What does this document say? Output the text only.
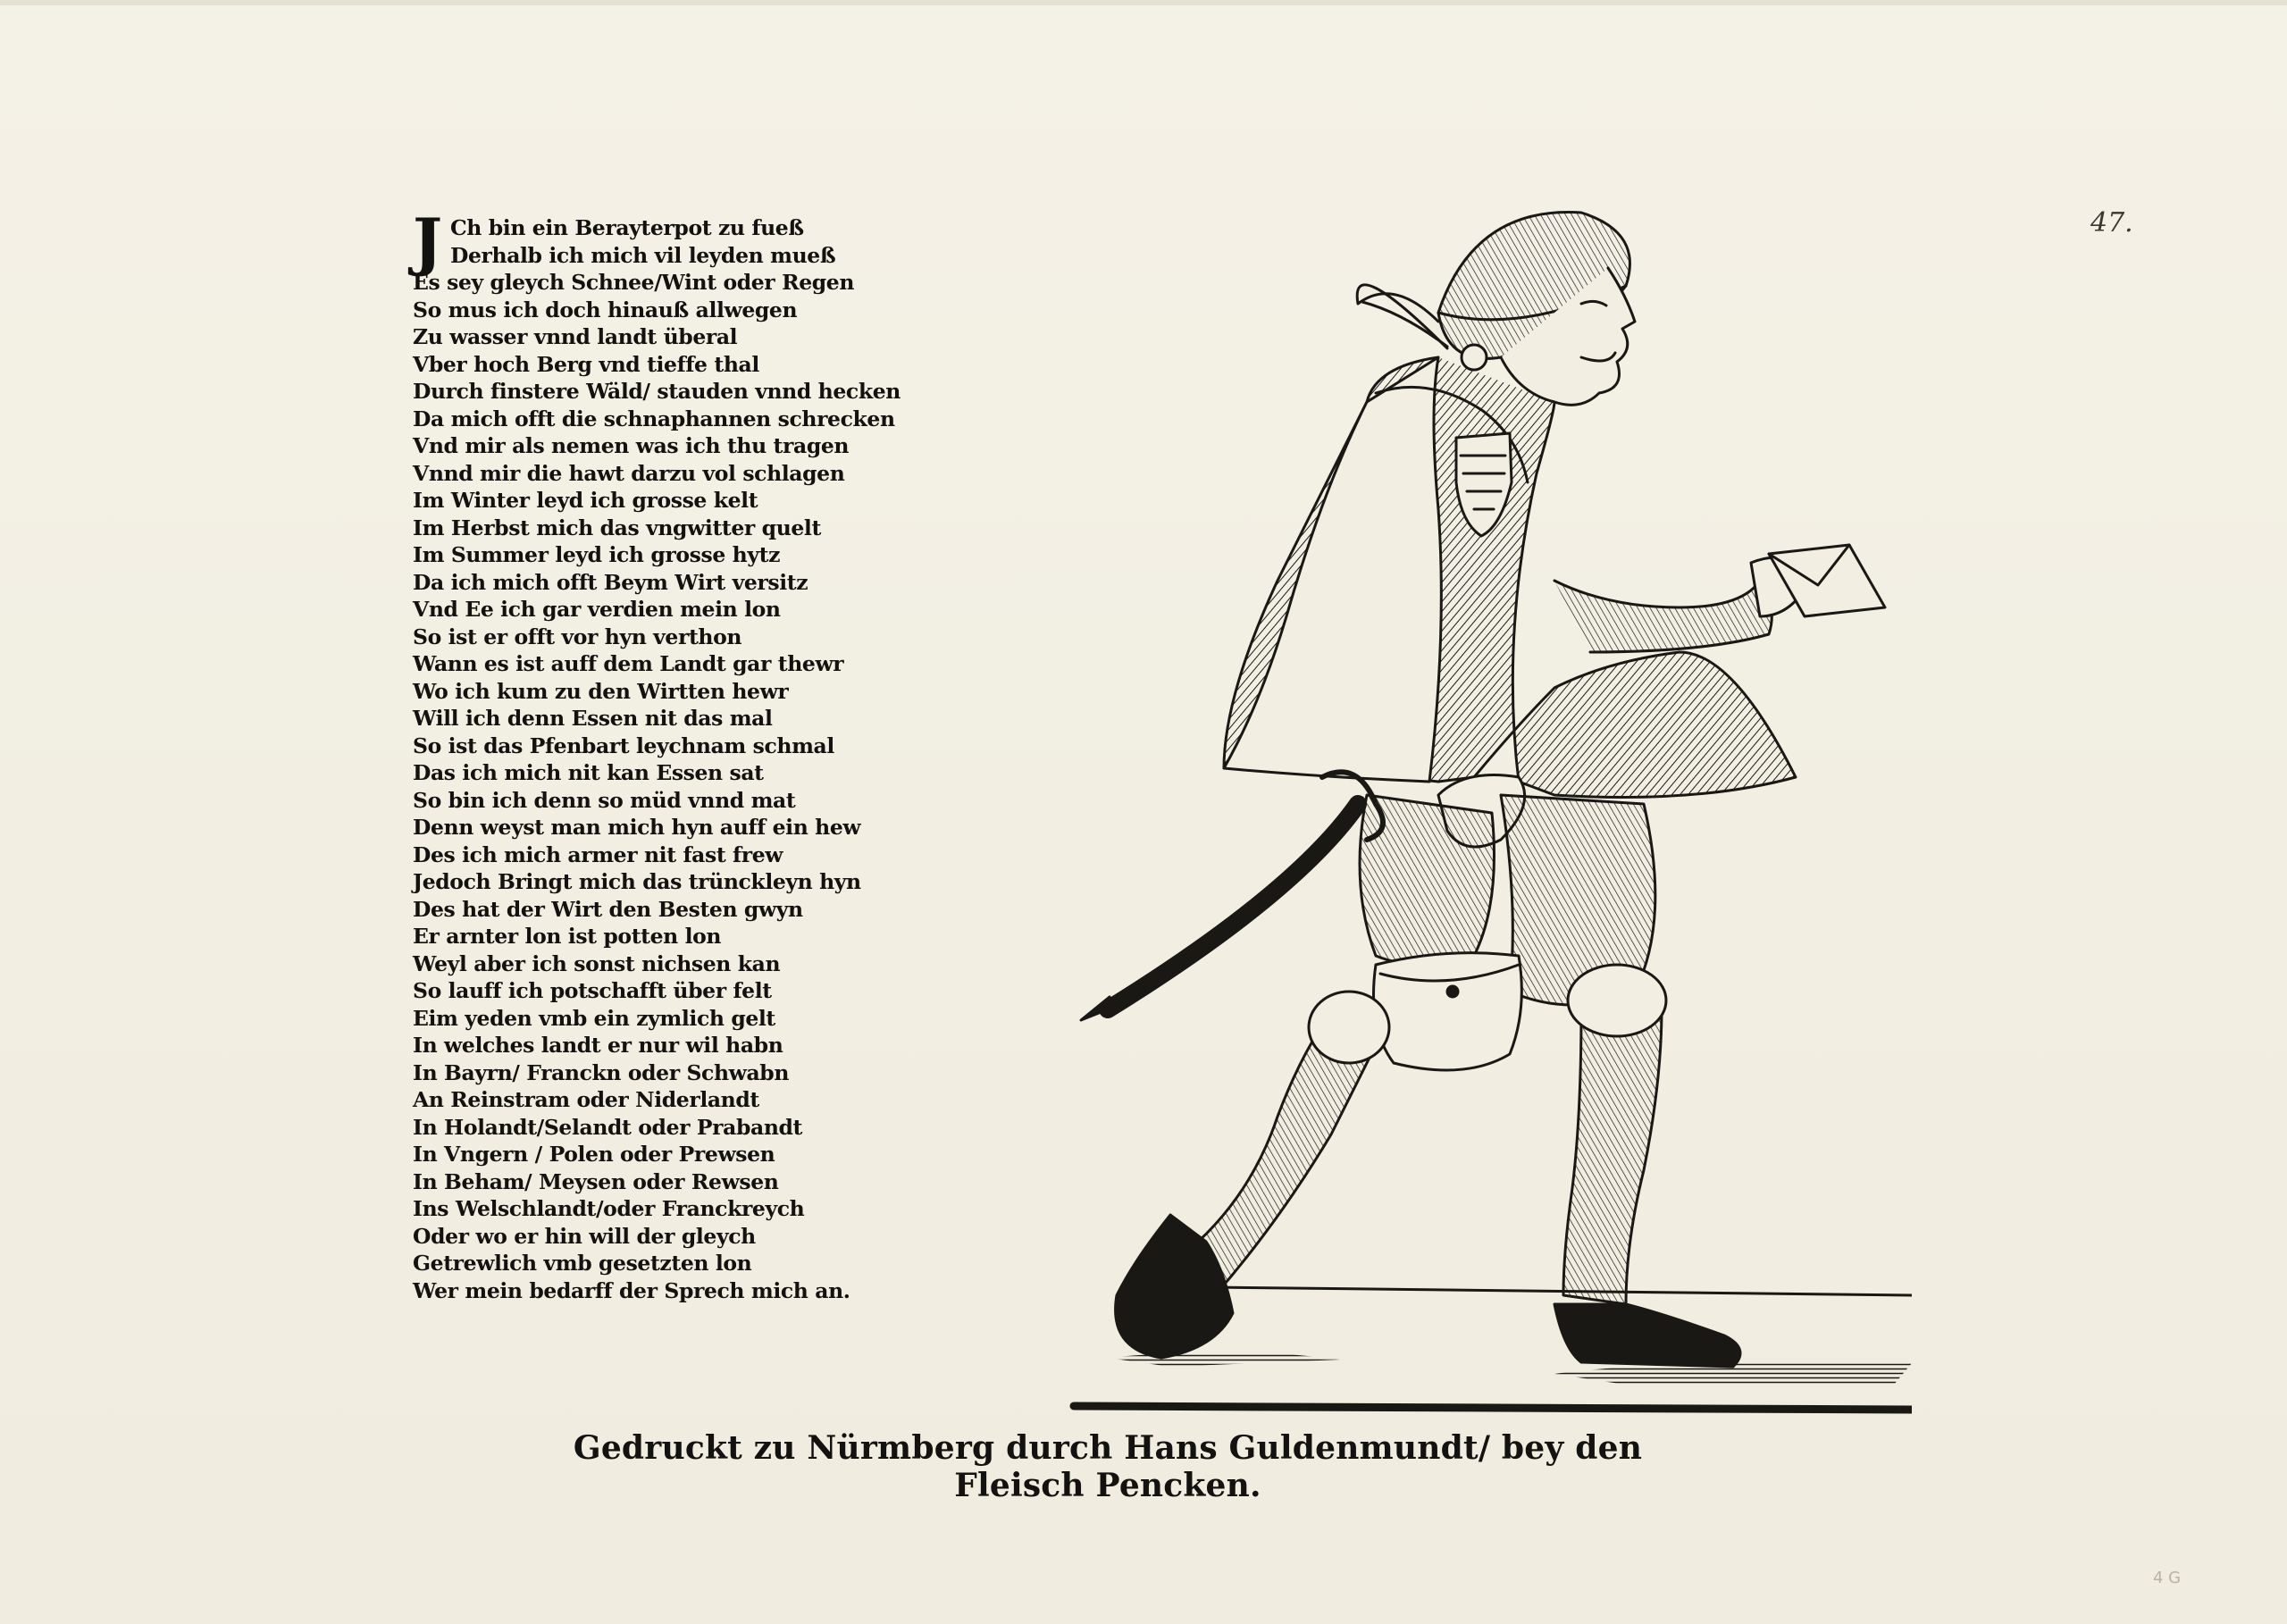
47.
J Ch bin ein Berayterpot zu fueß
Derhalb ich mich vil leyden mueß
Es sey gleych Schnee/Wint oder Regen
So mus ich doch hinauß allwegen
Zu wasser vnnd landt überal
Vber hoch Berg vnd tieffe thal
Durch finstere Wäld/ stauden vnnd hecken
Da mich offt die schnaphannen schrecken
Vnd mir als nemen was ich thu tragen
Vnnd mir die hawt darzu vol schlagen
Im Winter leyd ich grosse kelt
Im Herbst mich das vngwitter quelt
Im Summer leyd ich grosse hytz
Da ich mich offt Beym Wirt versitz
Vnd Ee ich gar verdien mein lon
So ist er offt vor hyn verthon
Wann es ist auff dem Landt gar thewr
Wo ich kum zu den Wirtten hewr
Will ich denn Essen nit das mal
So ist das Pfenbart leychnam schmal
Das ich mich nit kan Essen sat
So bin ich denn so müd vnnd mat
Denn weyst man mich hyn auff ein hew
Des ich mich armer nit fast frew
Jedoch Bringt mich das trünckleyn hyn
Des hat der Wirt den Besten gwyn
Er arnter lon ist potten lon
Weyl aber ich sonst nichsen kan
So lauff ich potschafft über felt
Eim yeden vmb ein zymlich gelt
In welches landt er nur wil habn
In Bayrn/ Franckn oder Schwabn
An Reinstram oder Niderlandt
In Holandt/Selandt oder Prabandt
In Vngern / Polen oder Prewsen
In Beham/ Meysen oder Rewsen
Ins Welschlandt/oder Franckreych
Oder wo er hin will der gleych
Getrewlich vmb gesetzten lon
Wer mein bedarff der Sprech mich an.
Gedruckt zu Nürmberg durch Hans Guldenmundt/ bey den Fleisch Pencken.
4 G
